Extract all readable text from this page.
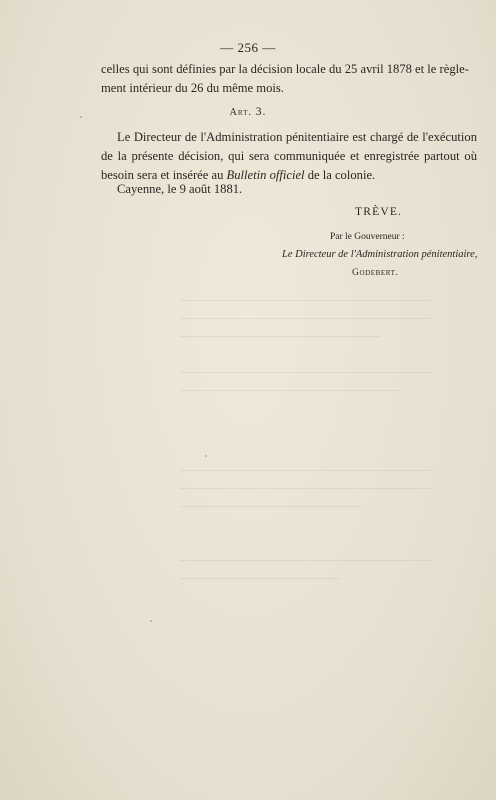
— 256 —
celles qui sont définies par la décision locale du 25 avril 1878 et le règle-
ment intérieur du 26 du même mois.
Art. 3.
Le Directeur de l'Administration pénitentiaire est chargé de l'exécution de la présente décision, qui sera communiquée et enregistrée partout où besoin sera et insérée au Bulletin officiel de la colonie.
Cayenne, le 9 août 1881.
TRÈVE.
Par le Gouverneur :
Le Directeur de l'Administration pénitentiaire,
Godebert.
